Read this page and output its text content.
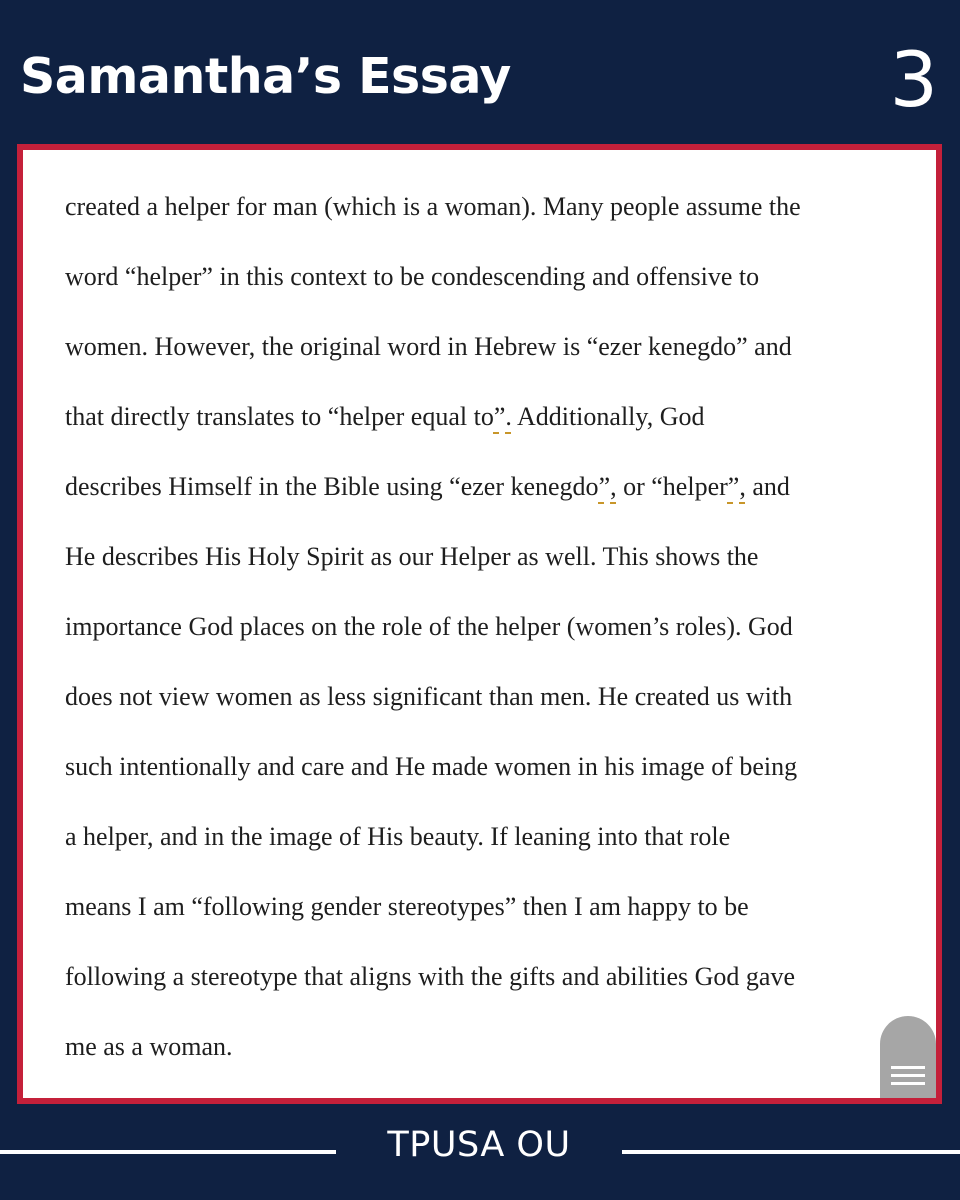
Samantha’s Essay	3

created a helper for man (which is a woman). Many people assume the
word “helper” in this context to be condescending and offensive to
women. However, the original word in Hebrew is “ezer kenegdo” and
that directly translates to “helper equal to”. Additionally, God
describes Himself in the Bible using “ezer kenegdo”, or “helper”, and
He describes His Holy Spirit as our Helper as well. This shows the
importance God places on the role of the helper (women’s roles). God
does not view women as less significant than men. He created us with
such intentionally and care and He made women in his image of being
a helper, and in the image of His beauty. If leaning into that role
means I am “following gender stereotypes” then I am happy to be
following a stereotype that aligns with the gifts and abilities God gave
me as a woman.

TPUSA OU
